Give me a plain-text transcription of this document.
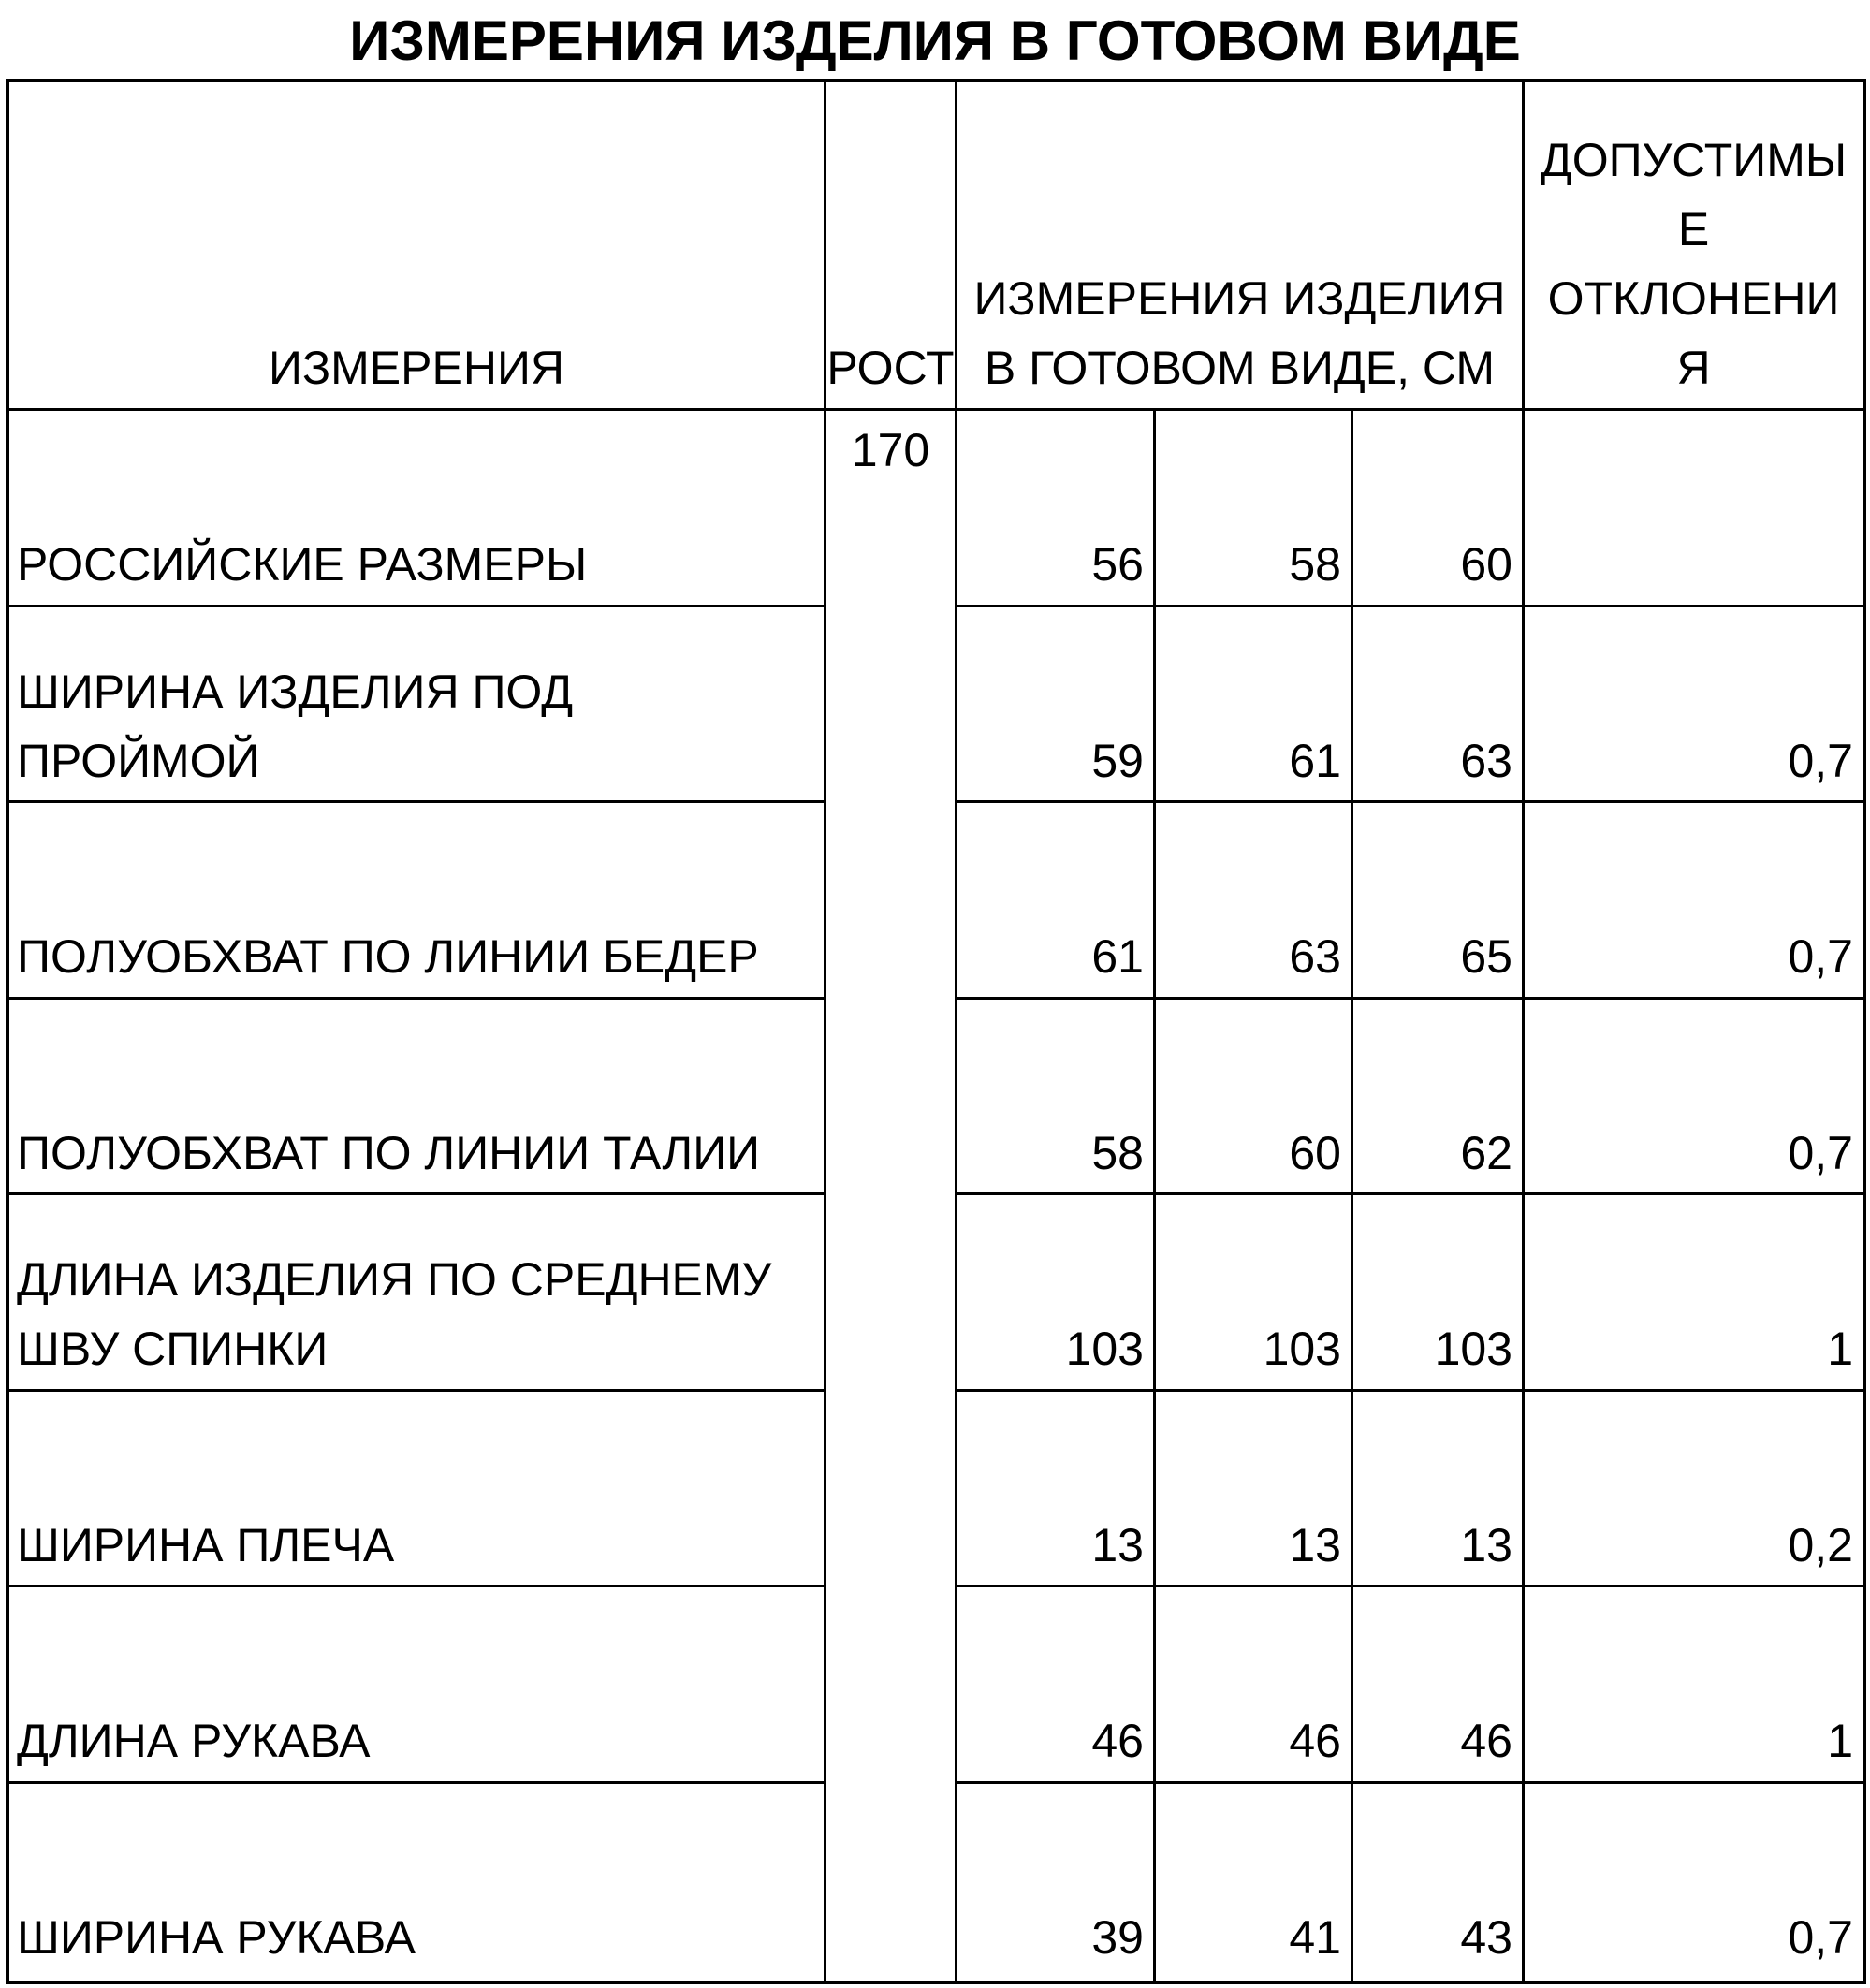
ИЗМЕРЕНИЯ ИЗДЕЛИЯ В ГОТОВОМ ВИДЕ
ИЗМЕРЕНИЯ	РОСТ
ИЗМЕРЕНИЯ ИЗДЕЛИЯ
В ГОТОВОМ ВИДЕ, СМ
ДОПУСТИМЫ
Е
ОТКЛОНЕНИ
Я
170
РОССИЙСКИЕ РАЗМЕРЫ	56	58	60
ШИРИНА ИЗДЕЛИЯ ПОД
ПРОЙМОЙ	59	61	63	0,7
ПОЛУОБХВАТ ПО ЛИНИИ БЕДЕР	61	63	65	0,7
ПОЛУОБХВАТ ПО ЛИНИИ ТАЛИИ	58	60	62	0,7
ДЛИНА ИЗДЕЛИЯ ПО СРЕДНЕМУ
ШВУ СПИНКИ	103	103 103	1
ШИРИНА ПЛЕЧА	13	13	13	0,2
ДЛИНА РУКАВА	46	46	46	1
ШИРИНА РУКАВА	39	41	43	0,7
